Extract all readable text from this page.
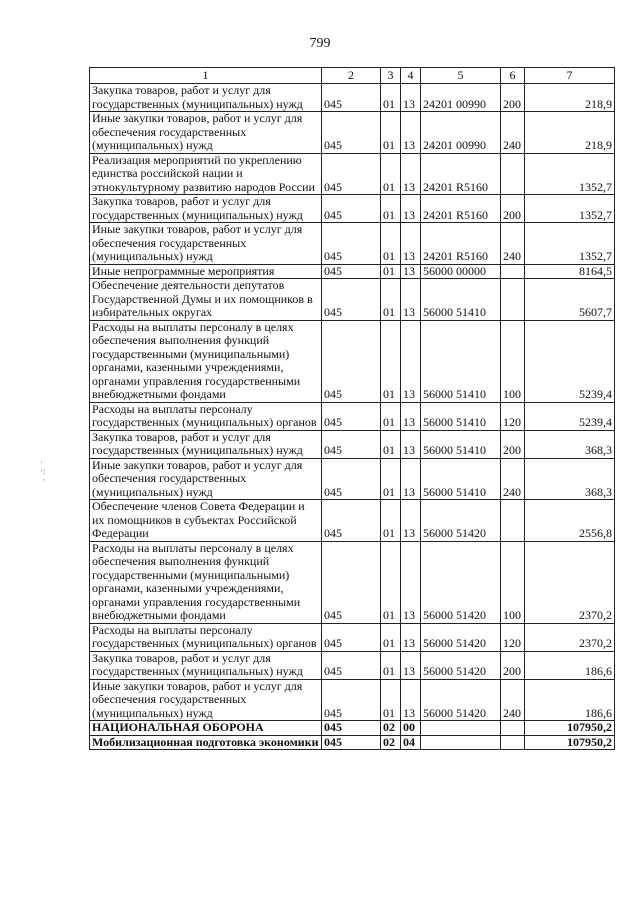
799
·
·:
·
1	2	3	4	5	6	7
Закупка товаров, работ и услуг для государственных (муниципальных) нужд	045	01	13	24201 00990	200	218,9
Иные закупки товаров, работ и услуг для обеспечения государственных (муниципальных) нужд	045	01	13	24201 00990	240	218,9
Реализация мероприятий по укреплению единства российской нации и этнокультурному развитию народов России	045	01	13	24201 R5160		1352,7
Закупка товаров, работ и услуг для государственных (муниципальных) нужд	045	01	13	24201 R5160	200	1352,7
Иные закупки товаров, работ и услуг для обеспечения государственных (муниципальных) нужд	045	01	13	24201 R5160	240	1352,7
Иные непрограммные мероприятия	045	01	13	56000 00000		8164,5
Обеспечение деятельности депутатов Государственной Думы и их помощников в избирательных округах	045	01	13	56000 51410		5607,7
Расходы на выплаты персоналу в целях обеспечения выполнения функций государственными (муниципальными) органами, казенными учреждениями, органами управления государственными внебюджетными фондами	045	01	13	56000 51410	100	5239,4
Расходы на выплаты персоналу государственных (муниципальных) органов	045	01	13	56000 51410	120	5239,4
Закупка товаров, работ и услуг для государственных (муниципальных) нужд	045	01	13	56000 51410	200	368,3
Иные закупки товаров, работ и услуг для обеспечения государственных (муниципальных) нужд	045	01	13	56000 51410	240	368,3
Обеспечение членов Совета Федерации и их помощников в субъектах Российской Федерации	045	01	13	56000 51420		2556,8
Расходы на выплаты персоналу в целях обеспечения выполнения функций государственными (муниципальными) органами, казенными учреждениями, органами управления государственными внебюджетными фондами	045	01	13	56000 51420	100	2370,2
Расходы на выплаты персоналу государственных (муниципальных) органов	045	01	13	56000 51420	120	2370,2
Закупка товаров, работ и услуг для государственных (муниципальных) нужд	045	01	13	56000 51420	200	186,6
Иные закупки товаров, работ и услуг для обеспечения государственных (муниципальных) нужд	045	01	13	56000 51420	240	186,6
НАЦИОНАЛЬНАЯ ОБОРОНА	045	02	00			107950,2
Мобилизационная подготовка экономики	045	02	04			107950,2
